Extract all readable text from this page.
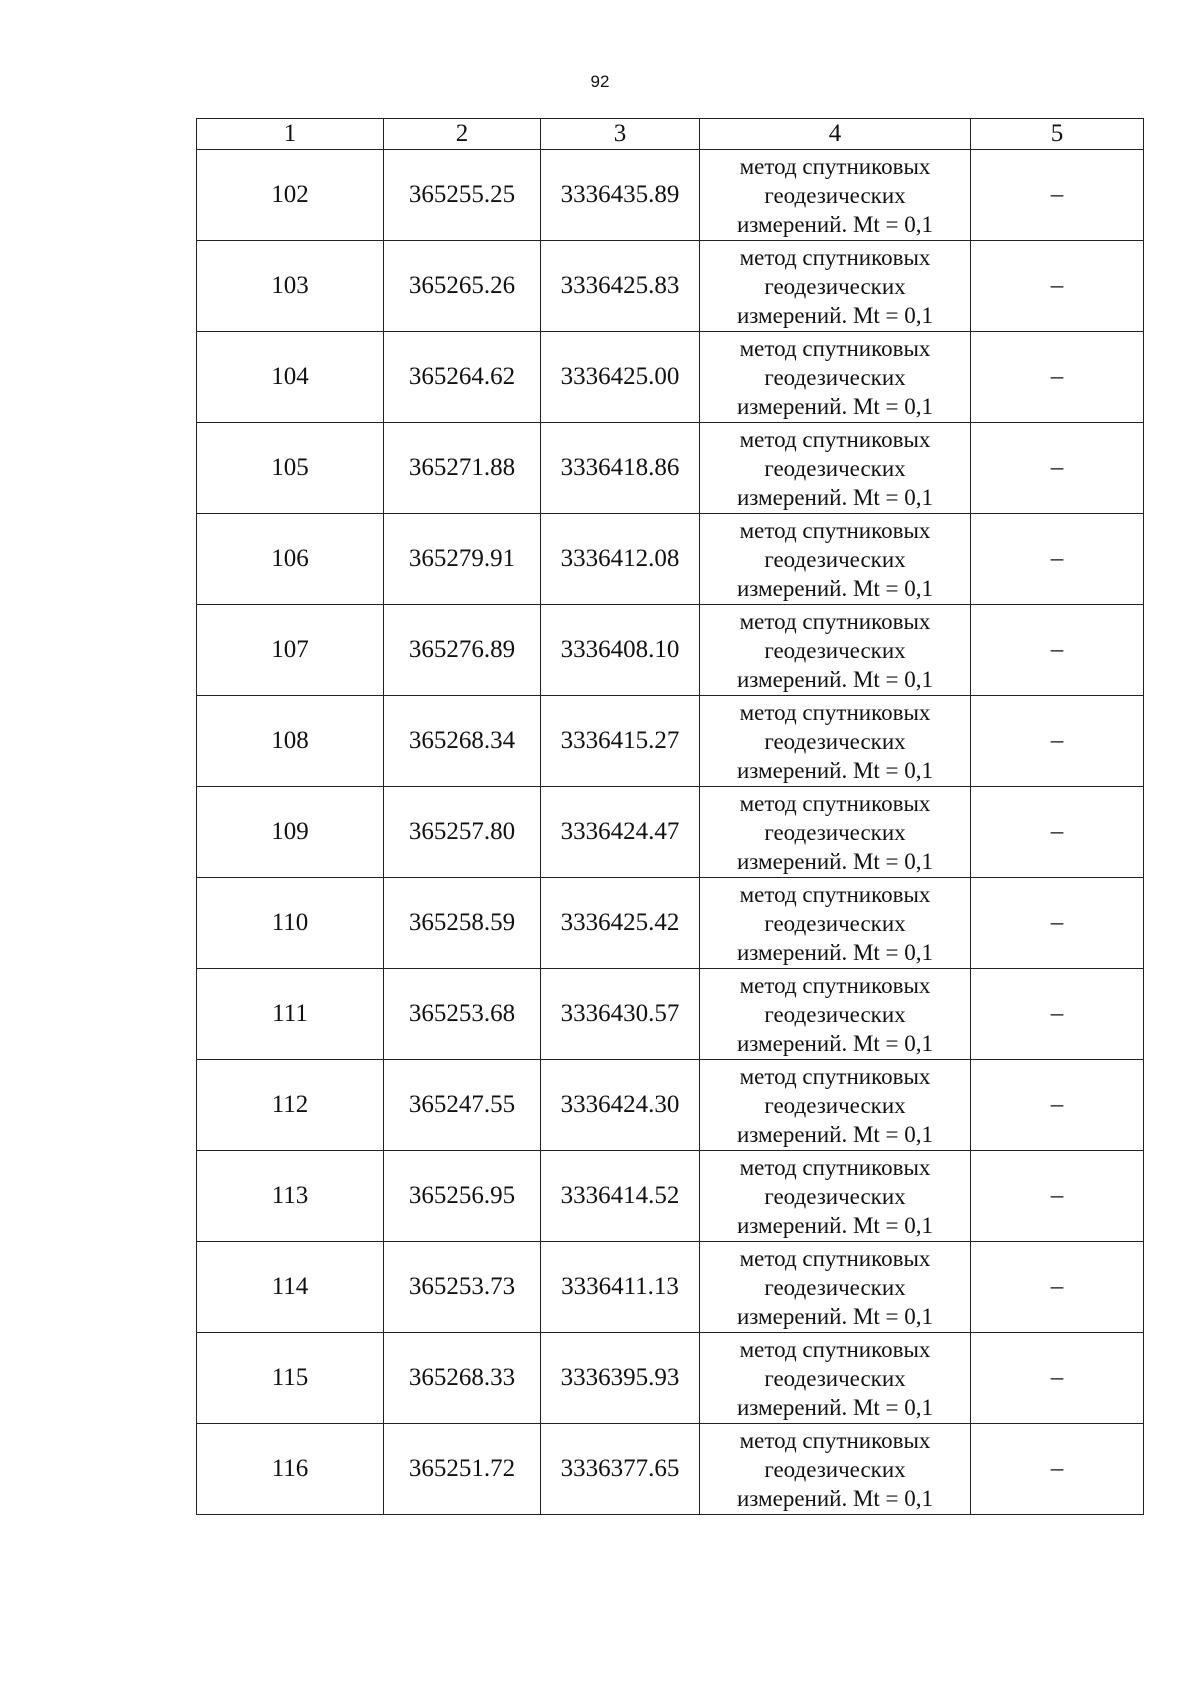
92
1	2	3	4	5
102	365255.25	3336435.89	метод спутниковых
геодезических
измерений. Mt = 0,1	–
103	365265.26	3336425.83	метод спутниковых
геодезических
измерений. Mt = 0,1	–
104	365264.62	3336425.00	метод спутниковых
геодезических
измерений. Mt = 0,1	–
105	365271.88	3336418.86	метод спутниковых
геодезических
измерений. Mt = 0,1	–
106	365279.91	3336412.08	метод спутниковых
геодезических
измерений. Mt = 0,1	–
107	365276.89	3336408.10	метод спутниковых
геодезических
измерений. Mt = 0,1	–
108	365268.34	3336415.27	метод спутниковых
геодезических
измерений. Mt = 0,1	–
109	365257.80	3336424.47	метод спутниковых
геодезических
измерений. Mt = 0,1	–
110	365258.59	3336425.42	метод спутниковых
геодезических
измерений. Mt = 0,1	–
111	365253.68	3336430.57	метод спутниковых
геодезических
измерений. Mt = 0,1	–
112	365247.55	3336424.30	метод спутниковых
геодезических
измерений. Mt = 0,1	–
113	365256.95	3336414.52	метод спутниковых
геодезических
измерений. Mt = 0,1	–
114	365253.73	3336411.13	метод спутниковых
геодезических
измерений. Mt = 0,1	–
115	365268.33	3336395.93	метод спутниковых
геодезических
измерений. Mt = 0,1	–
116	365251.72	3336377.65	метод спутниковых
геодезических
измерений. Mt = 0,1	–
